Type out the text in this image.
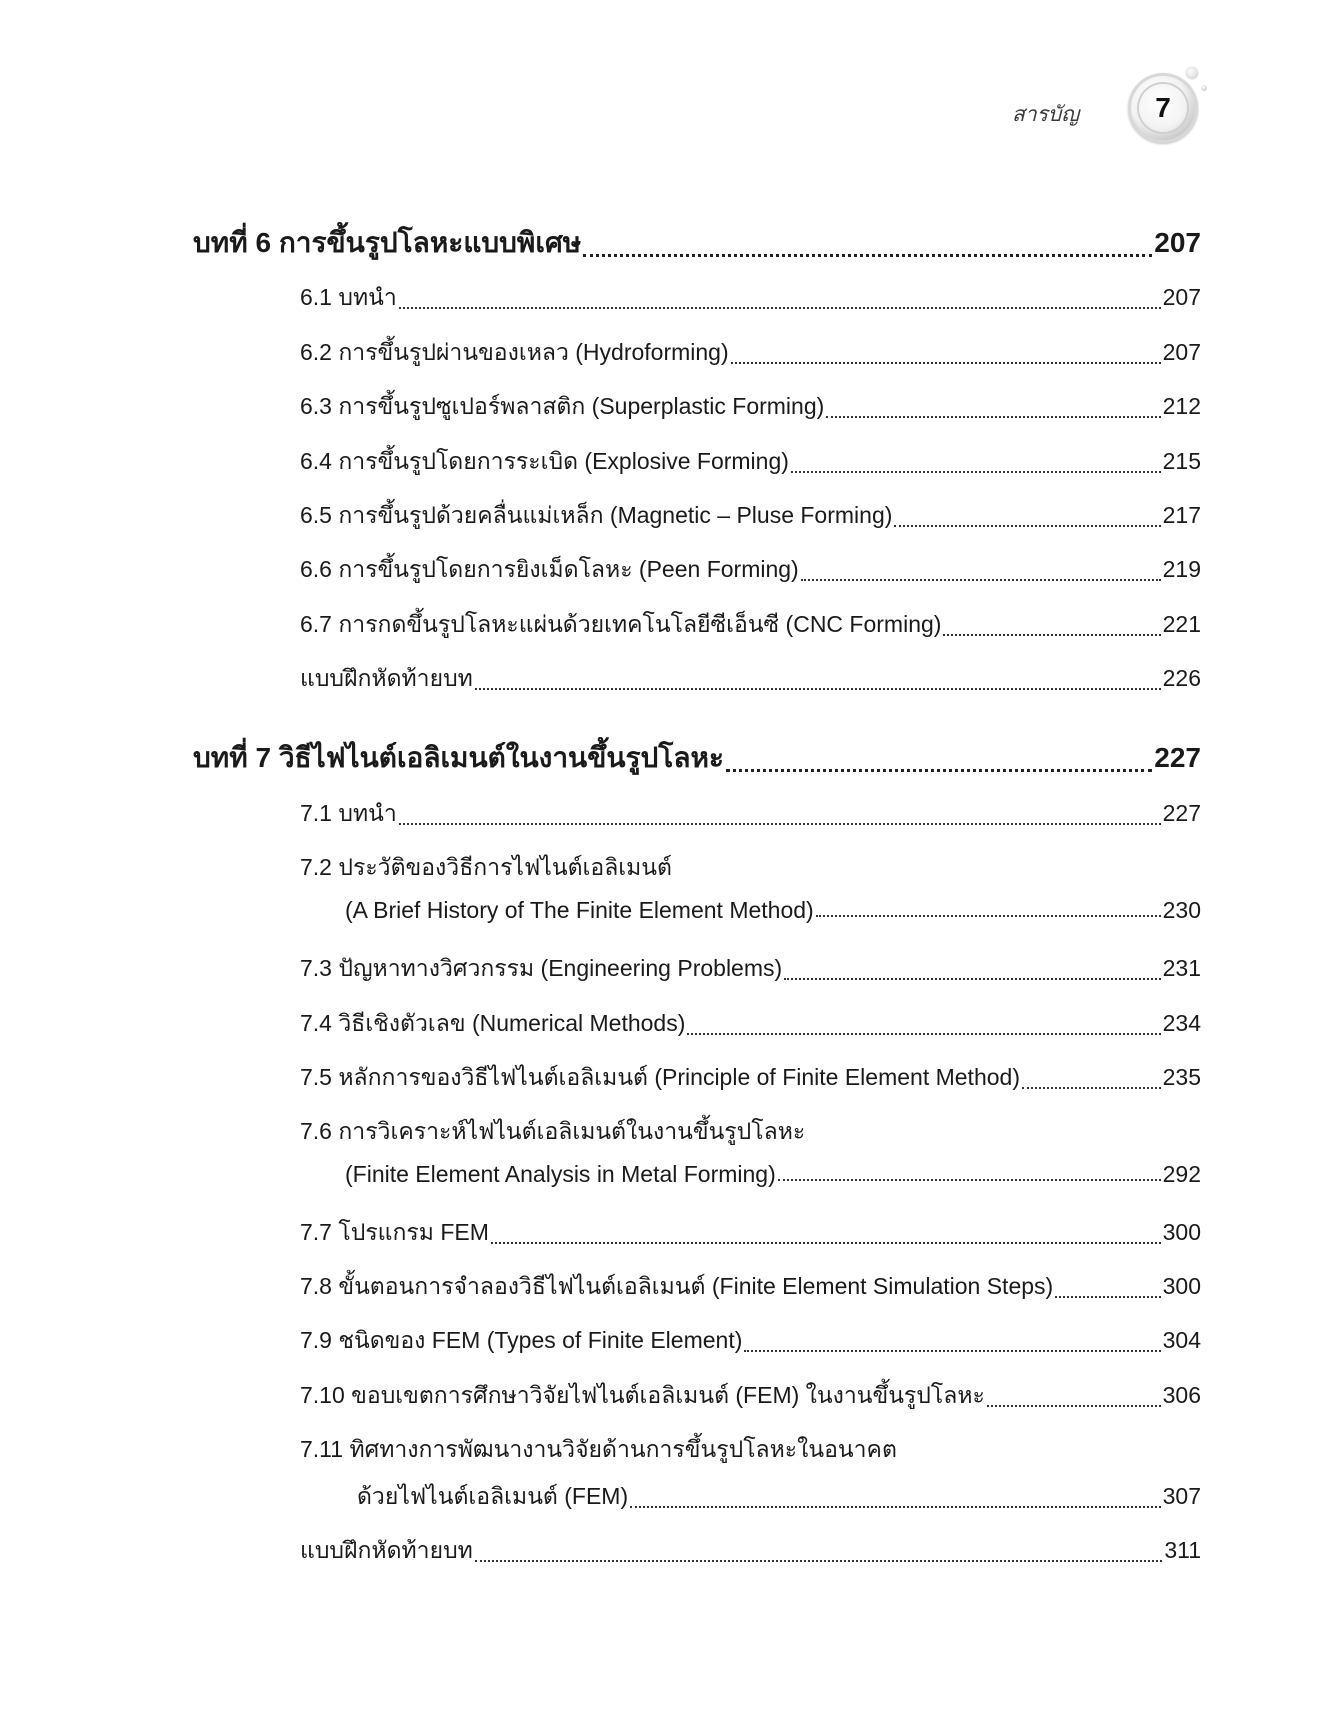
สารบัญ	7
บทที่ 6 การขึ้นรูปโลหะแบบพิเศษ	207
6.1 บทนำ	207
6.2 การขึ้นรูปผ่านของเหลว (Hydroforming)	207
6.3 การขึ้นรูปซูเปอร์พลาสติก (Superplastic Forming)	212
6.4 การขึ้นรูปโดยการระเบิด (Explosive Forming)	215
6.5 การขึ้นรูปด้วยคลื่นแม่เหล็ก (Magnetic – Pluse Forming)	217
6.6 การขึ้นรูปโดยการยิงเม็ดโลหะ (Peen Forming)	219
6.7 การกดขึ้นรูปโลหะแผ่นด้วยเทคโนโลยีซีเอ็นซี (CNC Forming)	221
แบบฝึกหัดท้ายบท	226
บทที่ 7 วิธีไฟไนต์เอลิเมนต์ในงานขึ้นรูปโลหะ	227
7.1 บทนำ	227
7.2 ประวัติของวิธีการไฟไนต์เอลิเมนต์
(A Brief History of The Finite Element Method)	230
7.3 ปัญหาทางวิศวกรรม (Engineering Problems)	231
7.4 วิธีเชิงตัวเลข (Numerical Methods)	234
7.5 หลักการของวิธีไฟไนต์เอลิเมนต์ (Principle of Finite Element Method)	235
7.6 การวิเคราะห์ไฟไนต์เอลิเมนต์ในงานขึ้นรูปโลหะ
(Finite Element Analysis in Metal Forming)	292
7.7 โปรแกรม FEM	300
7.8 ขั้นตอนการจำลองวิธีไฟไนต์เอลิเมนต์ (Finite Element Simulation Steps)	300
7.9 ชนิดของ FEM (Types of Finite Element)	304
7.10 ขอบเขตการศึกษาวิจัยไฟไนต์เอลิเมนต์ (FEM) ในงานขึ้นรูปโลหะ	306
7.11 ทิศทางการพัฒนางานวิจัยด้านการขึ้นรูปโลหะในอนาคต
ด้วยไฟไนต์เอลิเมนต์ (FEM)	307
แบบฝึกหัดท้ายบท	311
